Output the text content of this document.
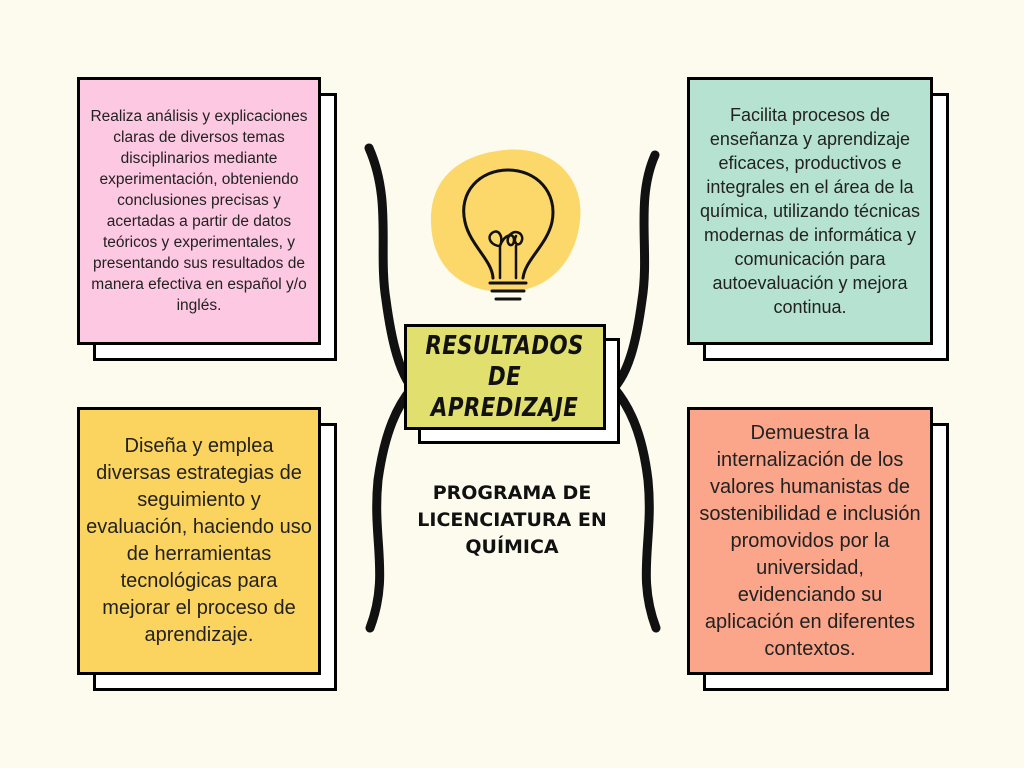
Realiza análisis y explicaciones claras de diversos temas disciplinarios mediante experimentación, obteniendo conclusiones precisas y acertadas a partir de datos teóricos y experimentales, y presentando sus resultados de manera efectiva en español y/o inglés.
Facilita procesos de enseñanza y aprendizaje eficaces, productivos e integrales en el área de la química, utilizando técnicas modernas de informática y comunicación para autoevaluación y mejora continua.
Diseña y emplea diversas estrategias de seguimiento y evaluación, haciendo uso de herramientas tecnológicas para mejorar el proceso de aprendizaje.
Demuestra la internalización de los valores humanistas de sostenibilidad e inclusión promovidos por la universidad, evidenciando su aplicación en diferentes contextos.
RESULTADOS DE APREDIZAJE
PROGRAMA DE LICENCIATURA EN QUÍMICA
